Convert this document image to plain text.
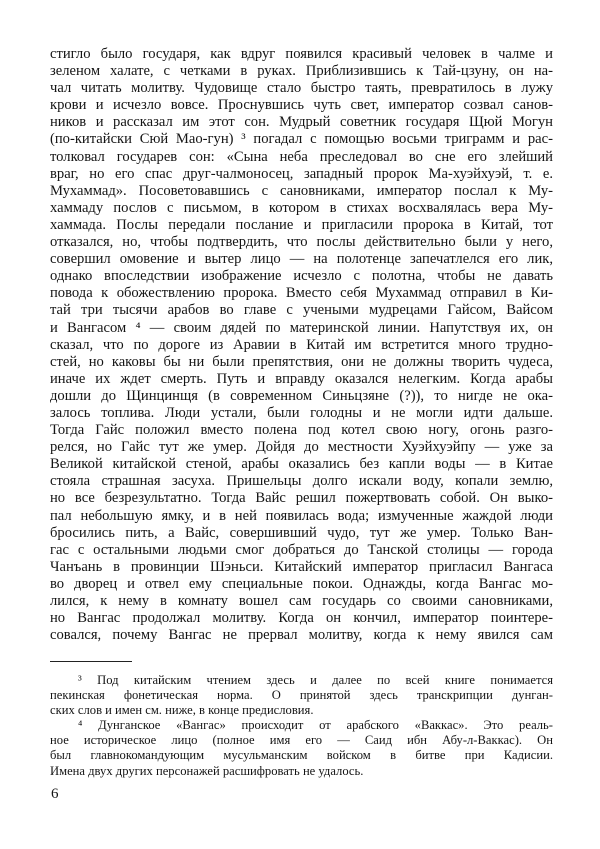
стигло было государя, как вдруг появился красивый человек в чалме и
зеленом халате, с четками в руках. Приблизившись к Тай-цзуну, он на-
чал читать молитву. Чудовище стало быстро таять, превратилось в лужу
крови и исчезло вовсе. Проснувшись чуть свет, император созвал санов-
ников и рассказал им этот сон. Мудрый советник государя Щюй Могун
(по-китайски Сюй Мао-гун) ³ погадал с помощью восьми триграмм и рас-
толковал государев сон: «Сына неба преследовал во сне его злейший
враг, но его спас друг-чалмоносец, западный пророк Ма-хуэйхуэй, т. е.
Мухаммад». Посоветовавшись с сановниками, император послал к Му-
хаммаду послов с письмом, в котором в стихах восхвалялась вера Му-
хаммада. Послы передали послание и пригласили пророка в Китай, тот
отказался, но, чтобы подтвердить, что послы действительно были у него,
совершил омовение и вытер лицо — на полотенце запечатлелся его лик,
однако впоследствии изображение исчезло с полотна, чтобы не давать
повода к обожествлению пророка. Вместо себя Мухаммад отправил в Ки-
тай три тысячи арабов во главе с учеными мудрецами Гайсом, Вайсом
и Вангасом ⁴ — своим дядей по материнской линии. Напутствуя их, он
сказал, что по дороге из Аравии в Китай им встретится много трудно-
стей, но каковы бы ни были препятствия, они не должны творить чудеса,
иначе их ждет смерть. Путь и вправду оказался нелегким. Когда арабы
дошли до Щинцинщя (в современном Синьцзяне (?)), то нигде не ока-
залось топлива. Люди устали, были голодны и не могли идти дальше.
Тогда Гайс положил вместо полена под котел свою ногу, огонь разго-
релся, но Гайс тут же умер. Дойдя до местности Хуэйхуэйпу — уже за
Великой китайской стеной, арабы оказались без капли воды — в Китае
стояла страшная засуха. Пришельцы долго искали воду, копали землю,
но все безрезультатно. Тогда Вайс решил пожертвовать собой. Он выко-
пал небольшую ямку, и в ней появилась вода; измученные жаждой люди
бросились пить, а Вайс, совершивший чудо, тут же умер. Только Ван-
гас с остальными людьми смог добраться до Танской столицы — города
Чанъань в провинции Шэньси. Китайский император пригласил Вангаса
во дворец и отвел ему специальные покои. Однажды, когда Вангас мо-
лился, к нему в комнату вошел сам государь со своими сановниками,
но Вангас продолжал молитву. Когда он кончил, император поинтере-
совался, почему Вангас не прервал молитву, когда к нему явился сам
³ Под китайским чтением здесь и далее по всей книге понимается
пекинская фонетическая норма. О принятой здесь транскрипции дунган-
ских слов и имен см. ниже, в конце предисловия.
⁴ Дунганское «Вангас» происходит от арабского «Ваккас». Это реаль-
ное историческое лицо (полное имя его — Саид ибн Абу-л-Ваккас). Он
был главнокомандующим мусульманским войском в битве при Кадисии.
Имена двух других персонажей расшифровать не удалось.
6
